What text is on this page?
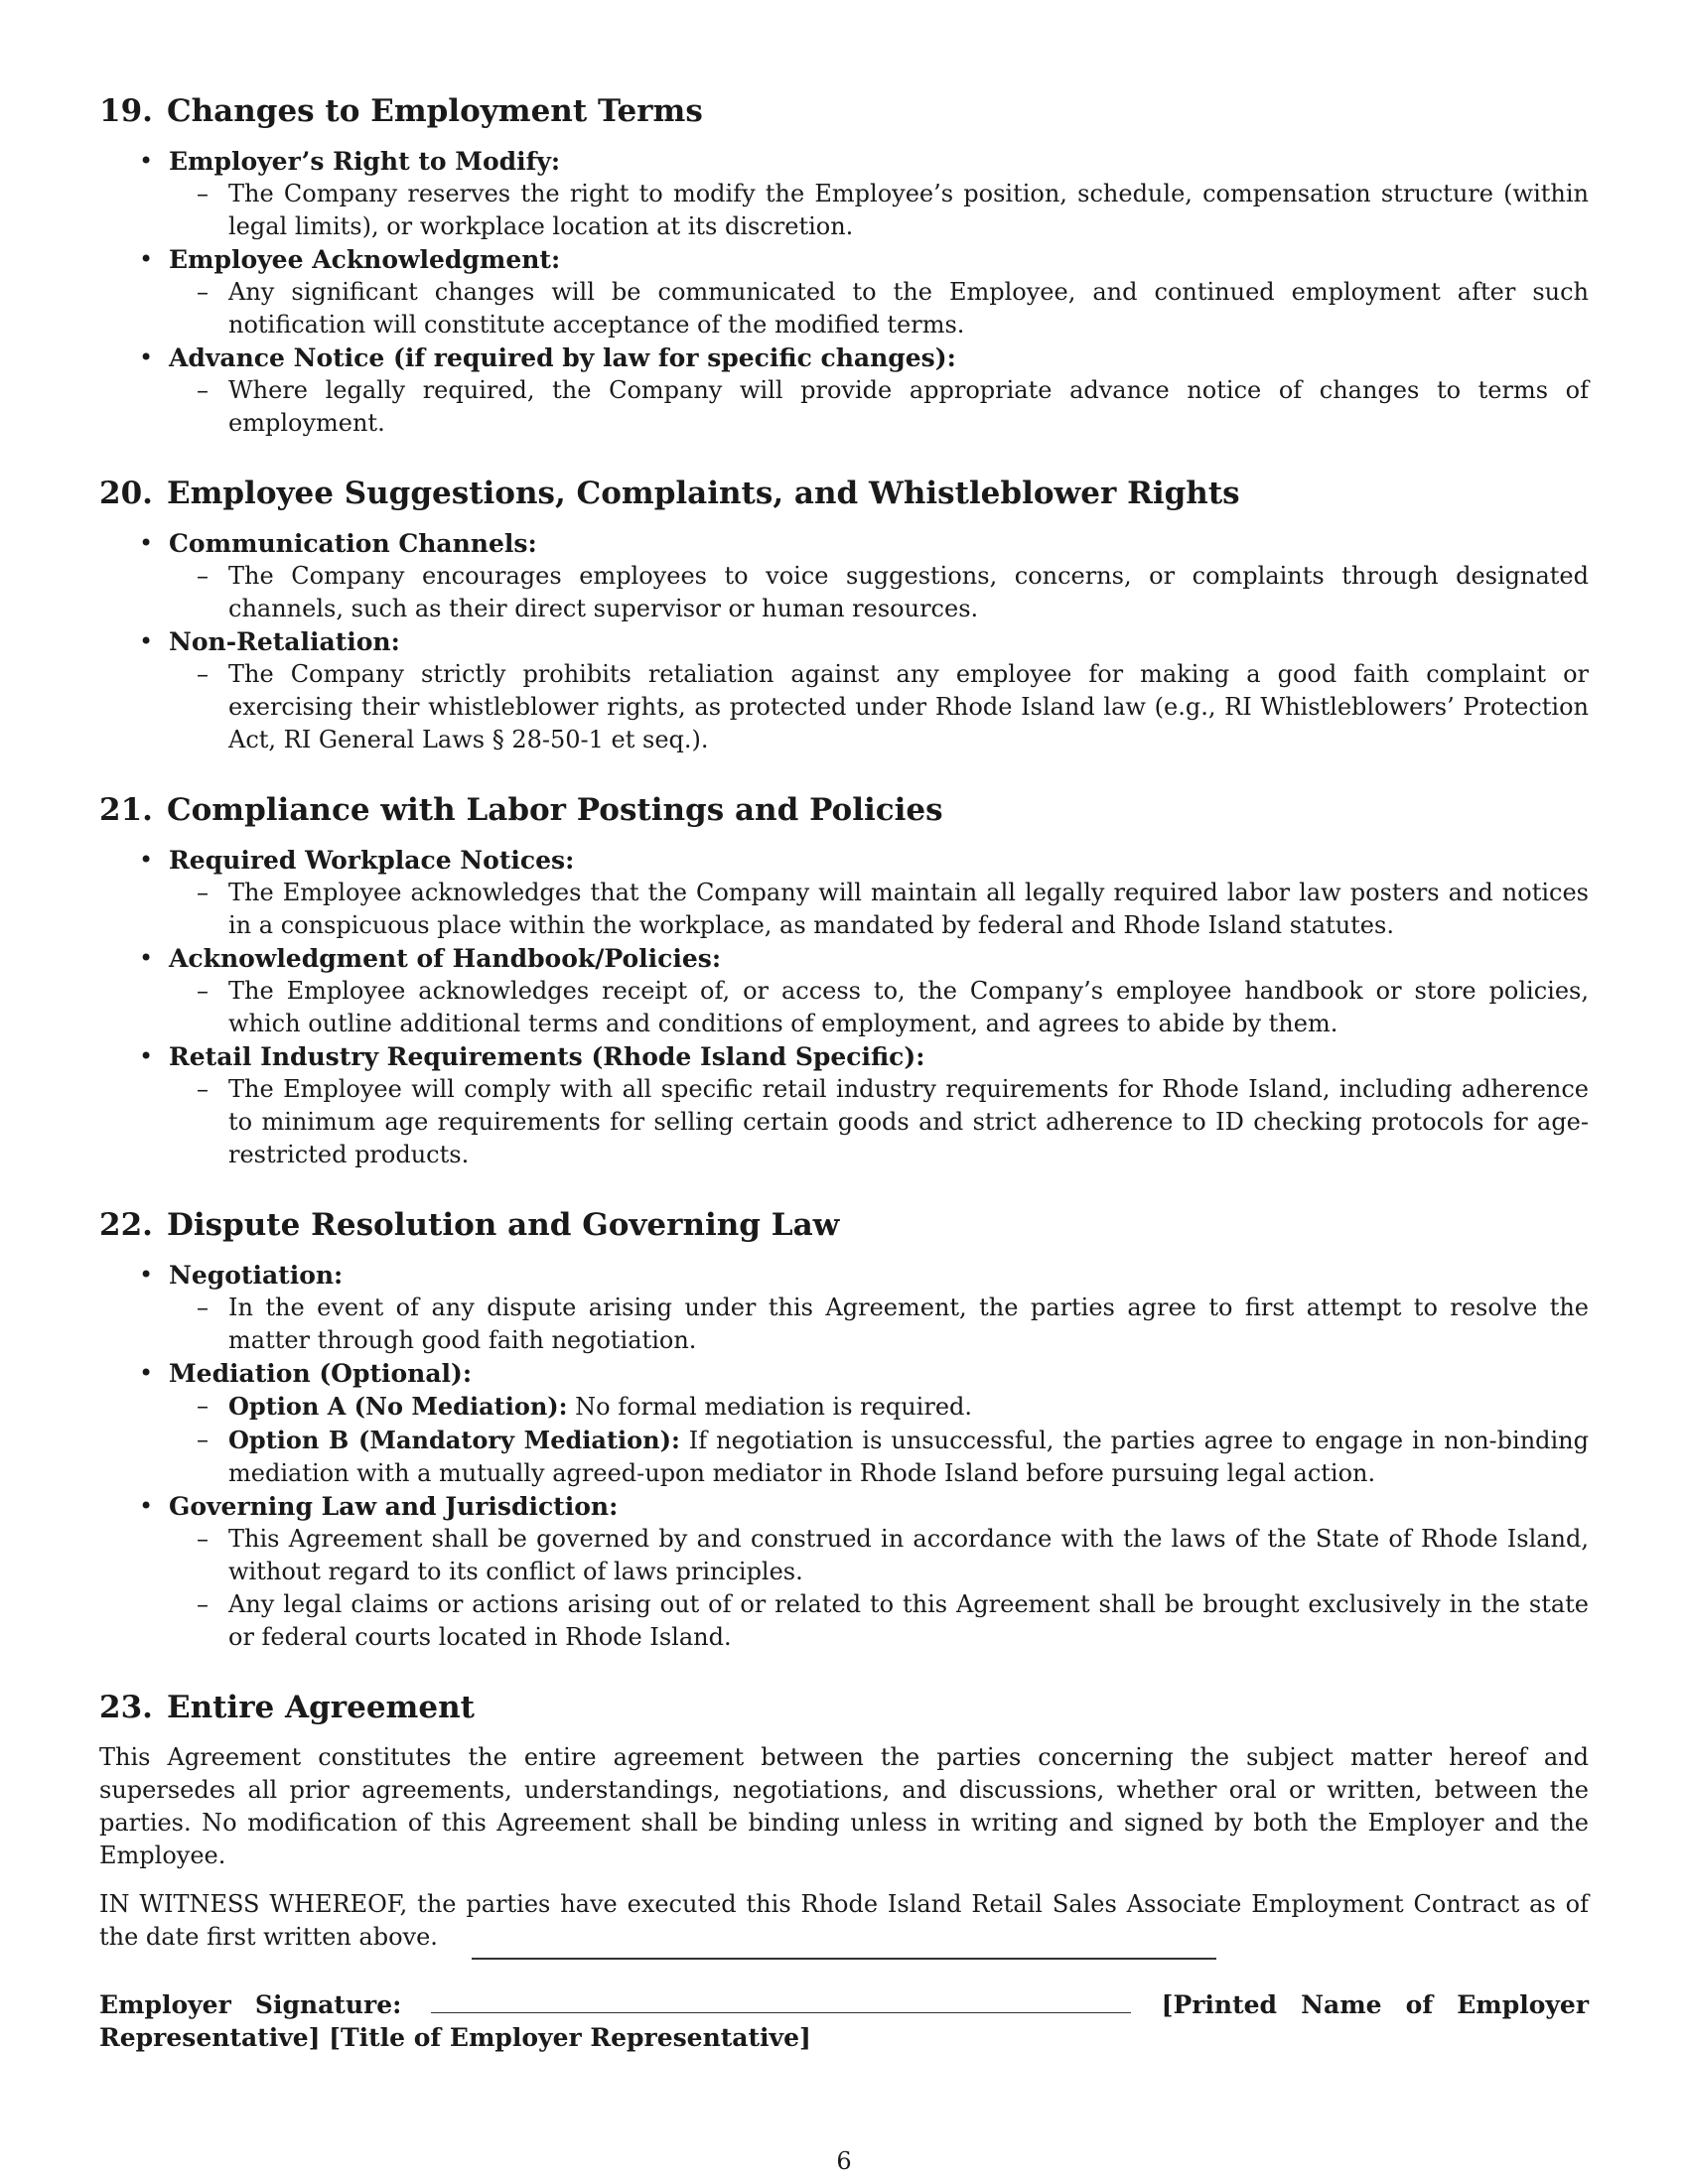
19. Changes to Employment Terms
• Employer’s Right to Modify:
– The Company reserves the right to modify the Employee’s position, schedule, compensation structure (within legal limits), or workplace location at its discretion.
• Employee Acknowledgment:
– Any significant changes will be communicated to the Employee, and continued employment after such notification will constitute acceptance of the modified terms.
• Advance Notice (if required by law for specific changes):
– Where legally required, the Company will provide appropriate advance notice of changes to terms of employment.
20. Employee Suggestions, Complaints, and Whistleblower Rights
• Communication Channels:
– The Company encourages employees to voice suggestions, concerns, or complaints through designated channels, such as their direct supervisor or human resources.
• Non-Retaliation:
– The Company strictly prohibits retaliation against any employee for making a good faith complaint or exercising their whistleblower rights, as protected under Rhode Island law (e.g., RI Whistleblowers’ Protection Act, RI General Laws § 28-50-1 et seq.).
21. Compliance with Labor Postings and Policies
• Required Workplace Notices:
– The Employee acknowledges that the Company will maintain all legally required labor law posters and notices in a conspicuous place within the workplace, as mandated by federal and Rhode Island statutes.
• Acknowledgment of Handbook/Policies:
– The Employee acknowledges receipt of, or access to, the Company’s employee handbook or store policies, which outline additional terms and conditions of employment, and agrees to abide by them.
• Retail Industry Requirements (Rhode Island Specific):
– The Employee will comply with all specific retail industry requirements for Rhode Island, including adherence to minimum age requirements for selling certain goods and strict adherence to ID checking protocols for age-restricted products.
22. Dispute Resolution and Governing Law
• Negotiation:
– In the event of any dispute arising under this Agreement, the parties agree to first attempt to resolve the matter through good faith negotiation.
• Mediation (Optional):
– Option A (No Mediation): No formal mediation is required.
– Option B (Mandatory Mediation): If negotiation is unsuccessful, the parties agree to engage in non-binding mediation with a mutually agreed-upon mediator in Rhode Island before pursuing legal action.
• Governing Law and Jurisdiction:
– This Agreement shall be governed by and construed in accordance with the laws of the State of Rhode Island, without regard to its conflict of laws principles.
– Any legal claims or actions arising out of or related to this Agreement shall be brought exclusively in the state or federal courts located in Rhode Island.
23. Entire Agreement

This Agreement constitutes the entire agreement between the parties concerning the subject matter hereof and supersedes all prior agreements, understandings, negotiations, and discussions, whether oral or written, between the parties. No modification of this Agreement shall be binding unless in writing and signed by both the Employer and the Employee.

IN WITNESS WHEREOF, the parties have executed this Rhode Island Retail Sales Associate Employment Contract as of the date first written above.

Employer Signature:	[Printed Name of Employer Representative] [Title of Employer Representative]
6
